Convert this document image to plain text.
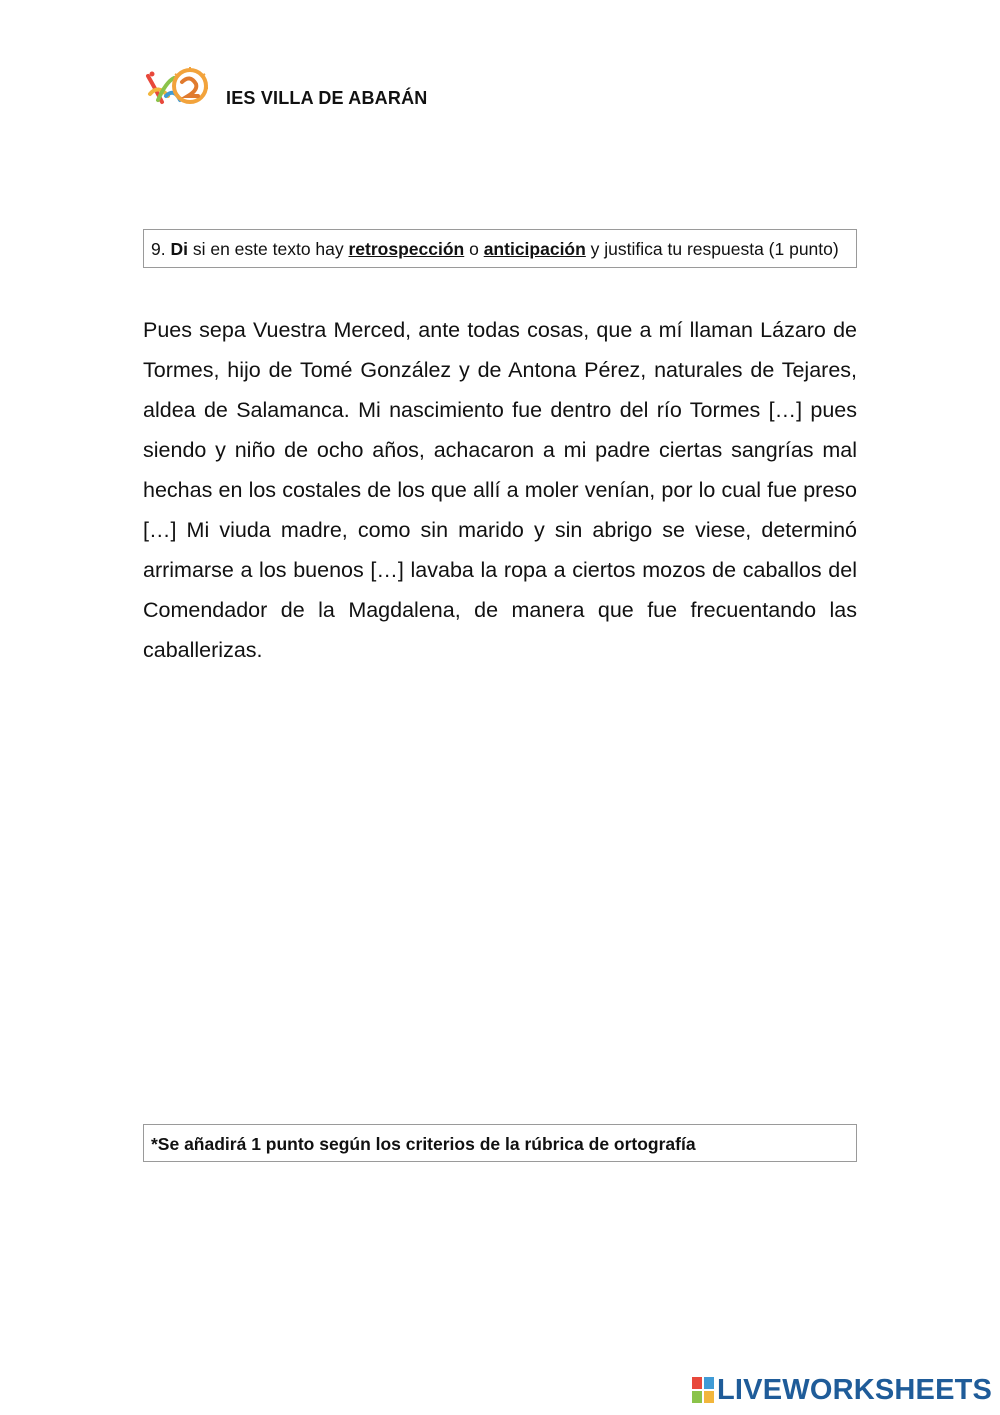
IES VILLA DE ABARÁN
9. Di si en este texto hay retrospección o anticipación y justifica tu respuesta (1 punto)
Pues sepa Vuestra Merced, ante todas cosas, que a mí llaman Lázaro de Tormes, hijo de Tomé González y de Antona Pérez, naturales de Tejares, aldea de Salamanca. Mi nascimiento fue dentro del río Tormes […] pues siendo y niño de ocho años, achacaron a mi padre ciertas sangrías mal hechas en los costales de los que allí a moler venían, por lo cual fue preso […] Mi viuda madre, como sin marido y sin abrigo se viese, determinó arrimarse a los buenos […] lavaba la ropa a ciertos mozos de caballos del Comendador de la Magdalena, de manera que fue frecuentando las caballerizas.
*Se añadirá 1 punto según los criterios de la rúbrica de ortografía
LIVEWORKSHEETS
